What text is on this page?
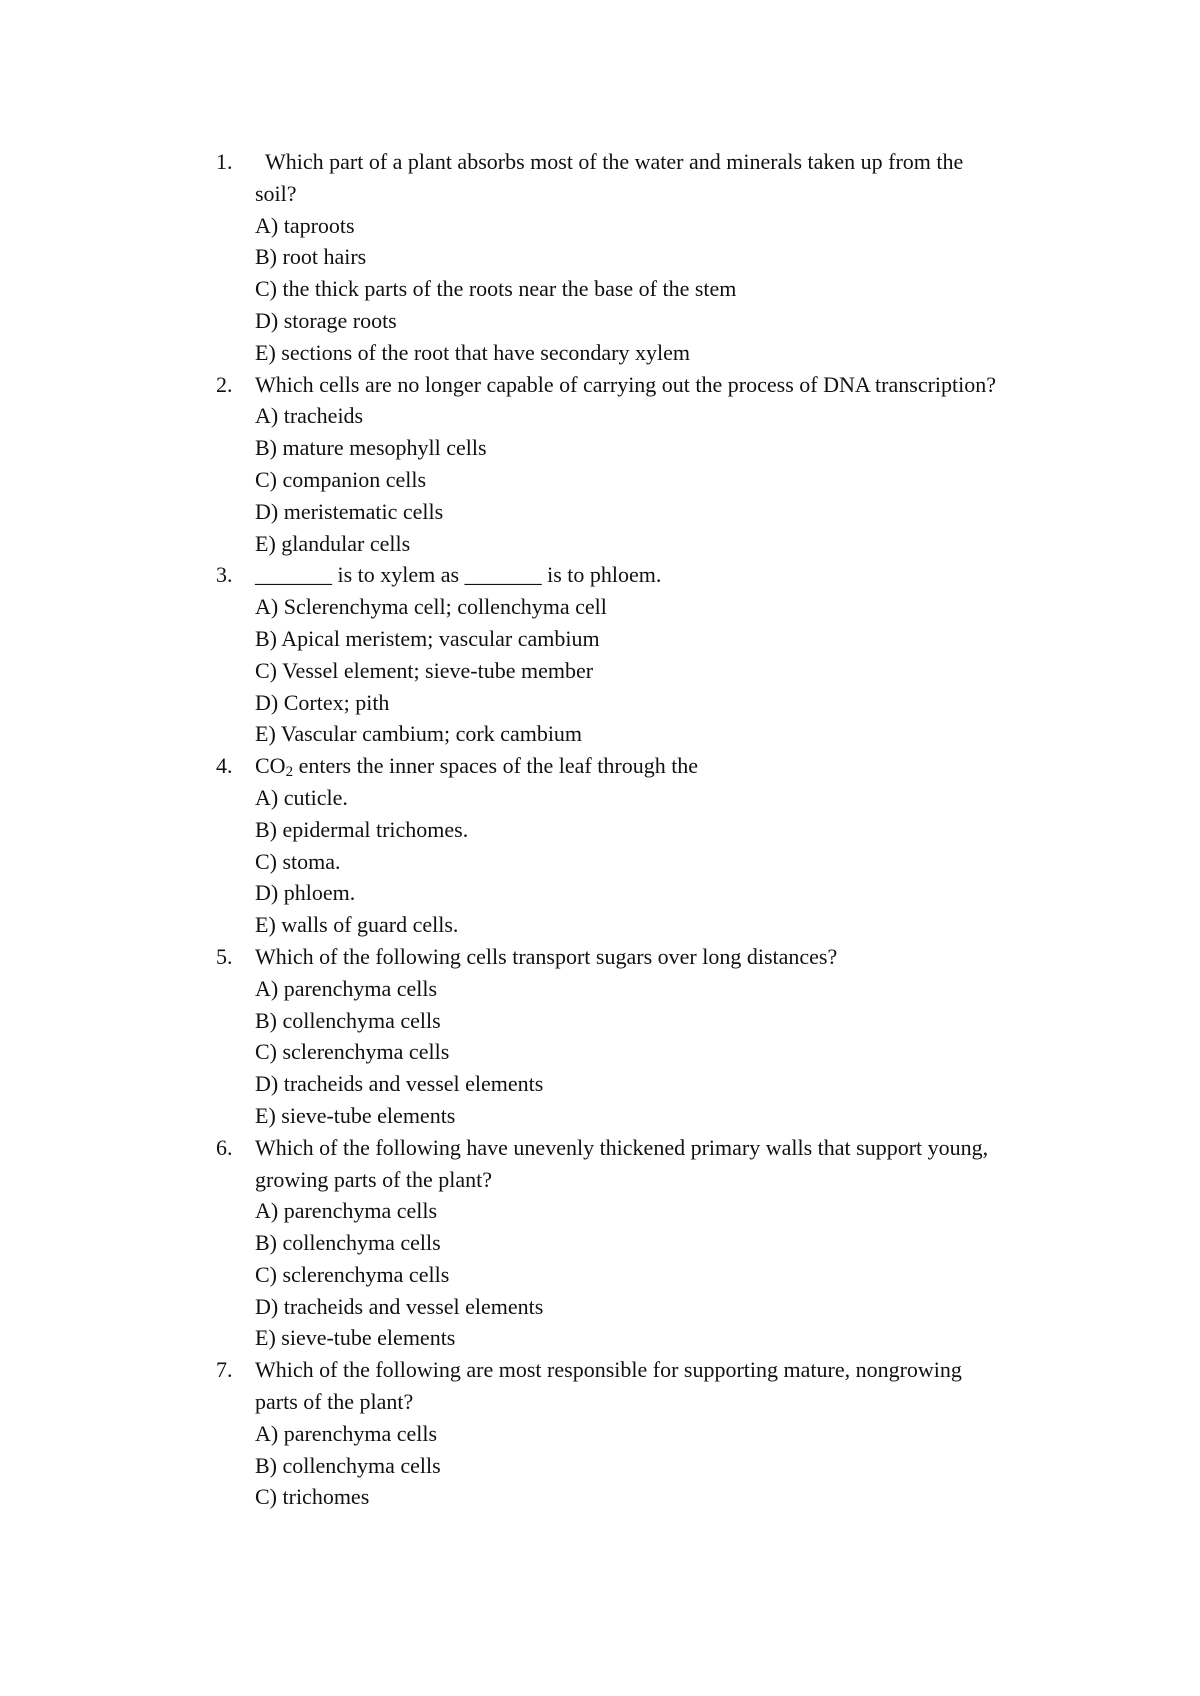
1.	Which part of a plant absorbs most of the water and minerals taken up from the soil?
A) taproots
B) root hairs
C) the thick parts of the roots near the base of the stem
D) storage roots
E) sections of the root that have secondary xylem
2. Which cells are no longer capable of carrying out the process of DNA transcription?
A) tracheids
B) mature mesophyll cells
C) companion cells
D) meristematic cells
E) glandular cells
3. _______ is to xylem as _______ is to phloem.
A) Sclerenchyma cell; collenchyma cell
B) Apical meristem; vascular cambium
C) Vessel element; sieve-tube member
D) Cortex; pith
E) Vascular cambium; cork cambium
4. $CO_2$ enters the inner spaces of the leaf through the
A) cuticle.
B) epidermal trichomes.
C) stoma.
D) phloem.
E) walls of guard cells.
5. Which of the following cells transport sugars over long distances?
A) parenchyma cells
B) collenchyma cells
C) sclerenchyma cells
D) tracheids and vessel elements
E) sieve-tube elements
6. Which of the following have unevenly thickened primary walls that support young, growing parts of the plant?
A) parenchyma cells
B) collenchyma cells
C) sclerenchyma cells
D) tracheids and vessel elements
E) sieve-tube elements
7. Which of the following are most responsible for supporting mature, nongrowing parts of the plant?
A) parenchyma cells
B) collenchyma cells
C) trichomes
